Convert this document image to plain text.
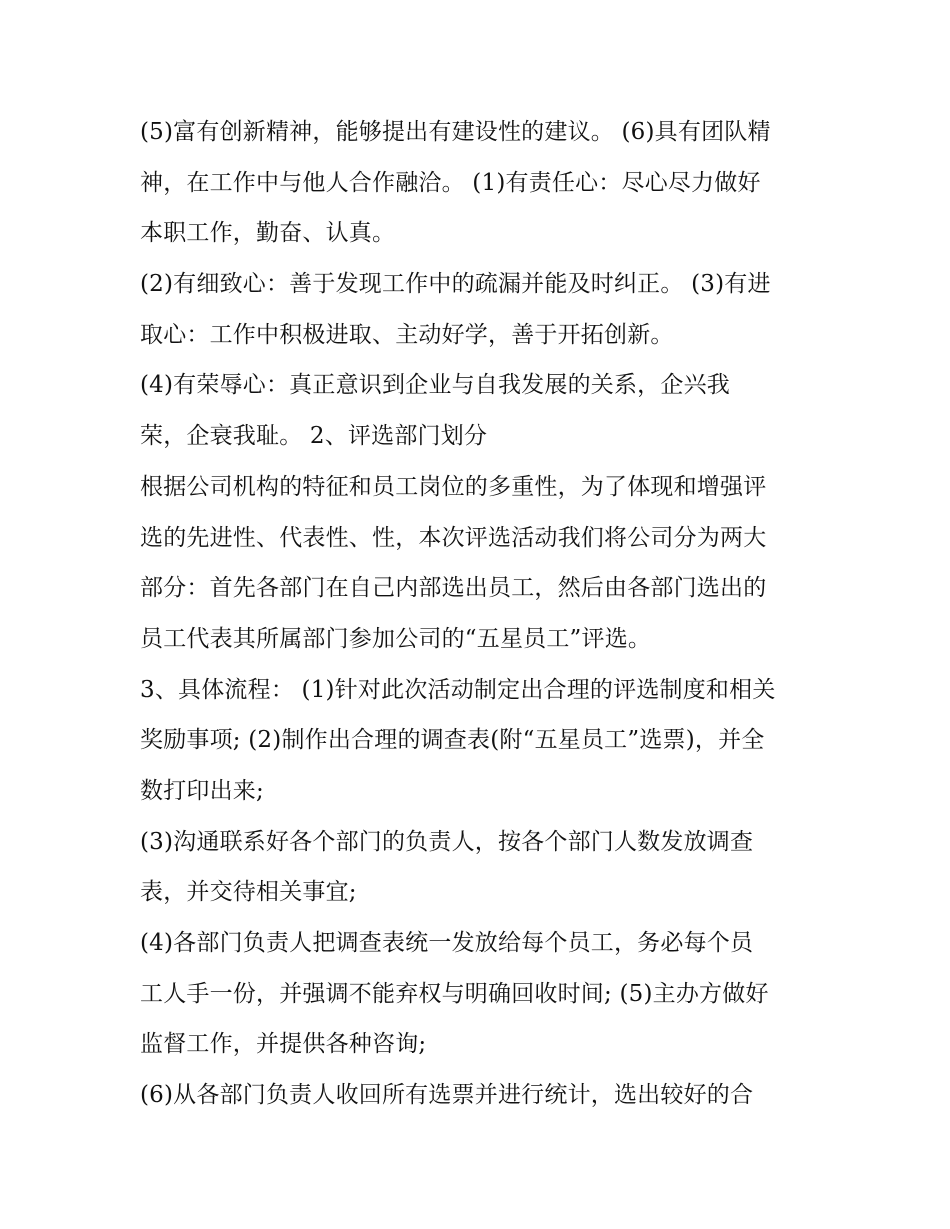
(5)富有创新精神，能够提出有建设性的建议。 (6)具有团队精
神，在工作中与他人合作融洽。 (1)有责任心：尽心尽力做好
本职工作，勤奋、认真。
(2)有细致心：善于发现工作中的疏漏并能及时纠正。 (3)有进
取心：工作中积极进取、主动好学，善于开拓创新。
(4)有荣辱心：真正意识到企业与自我发展的关系，企兴我
荣，企衰我耻。 2、评选部门划分
根据公司机构的特征和员工岗位的多重性，为了体现和增强评
选的先进性、代表性、性，本次评选活动我们将公司分为两大
部分：首先各部门在自己内部选出员工，然后由各部门选出的
员工代表其所属部门参加公司的“五星员工”评选。
3、具体流程： (1)针对此次活动制定出合理的评选制度和相关
奖励事项; (2)制作出合理的调查表(附“五星员工”选票)，并全
数打印出来;
(3)沟通联系好各个部门的负责人，按各个部门人数发放调查
表，并交待相关事宜;
(4)各部门负责人把调查表统一发放给每个员工，务必每个员
工人手一份，并强调不能弃权与明确回收时间; (5)主办方做好
监督工作，并提供各种咨询;
(6)从各部门负责人收回所有选票并进行统计，选出较好的合
